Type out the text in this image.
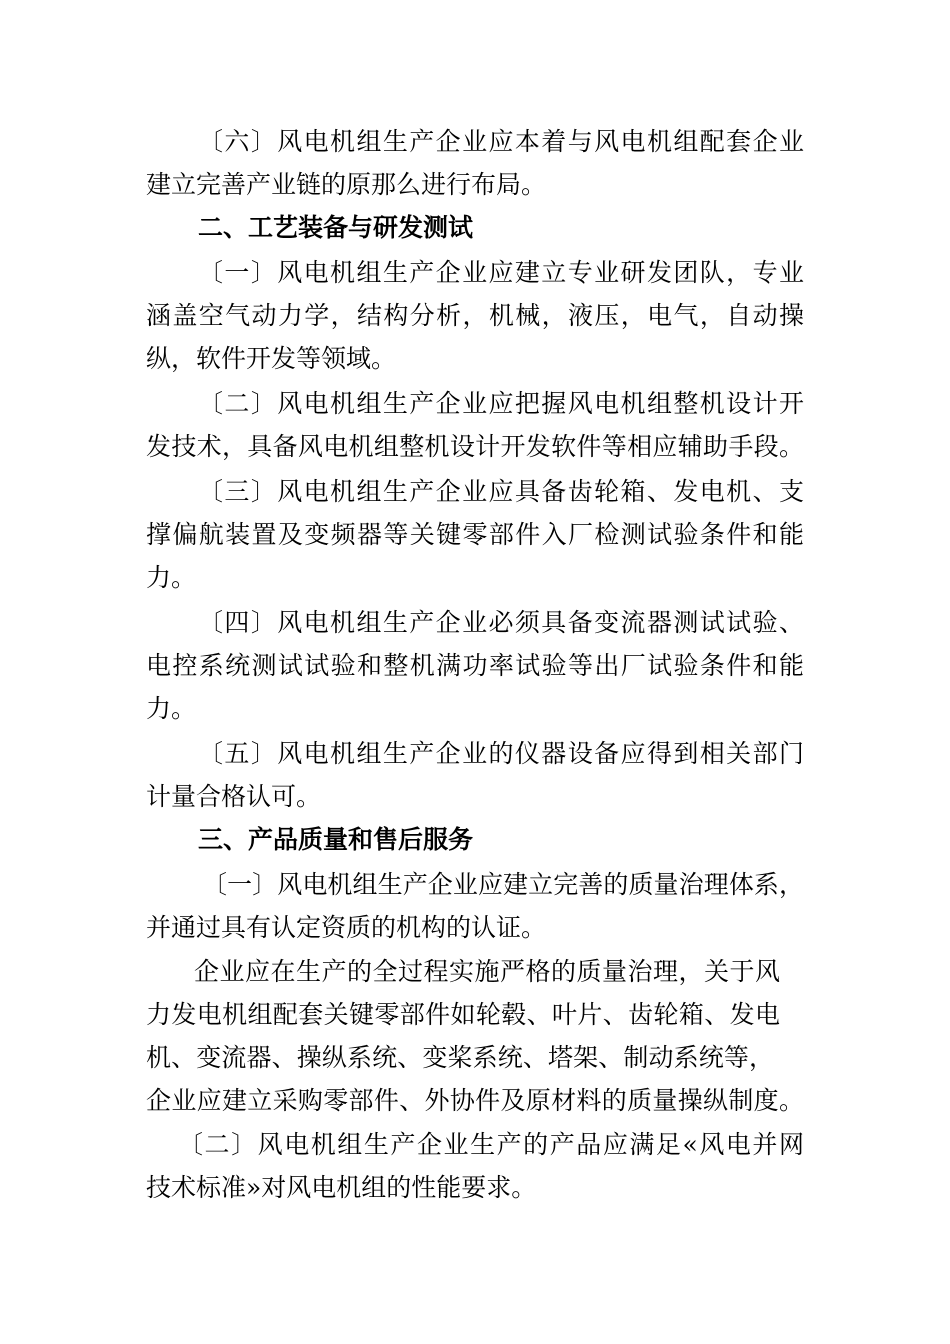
〔六〕风电机组生产企业应本着与风电机组配套企业
建立完善产业链的原那么进行布局。
二、工艺装备与研发测试
〔一〕风电机组生产企业应建立专业研发团队，专业
涵盖空气动力学，结构分析，机械，液压，电气，自动操
纵，软件开发等领域。
〔二〕风电机组生产企业应把握风电机组整机设计开
发技术，具备风电机组整机设计开发软件等相应辅助手段。
〔三〕风电机组生产企业应具备齿轮箱、发电机、支
撑偏航装置及变频器等关键零部件入厂检测试验条件和能
力。
〔四〕风电机组生产企业必须具备变流器测试试验、
电控系统测试试验和整机满功率试验等出厂试验条件和能
力。
〔五〕风电机组生产企业的仪器设备应得到相关部门
计量合格认可。
三、产品质量和售后服务
〔一〕风电机组生产企业应建立完善的质量治理体系，
并通过具有认定资质的机构的认证。
企业应在生产的全过程实施严格的质量治理，关于风
力发电机组配套关键零部件如轮毂、叶片、齿轮箱、发电
机、变流器、操纵系统、变桨系统、塔架、制动系统等，
企业应建立采购零部件、外协件及原材料的质量操纵制度。
〔二〕风电机组生产企业生产的产品应满足«风电并网
技术标准»对风电机组的性能要求。
